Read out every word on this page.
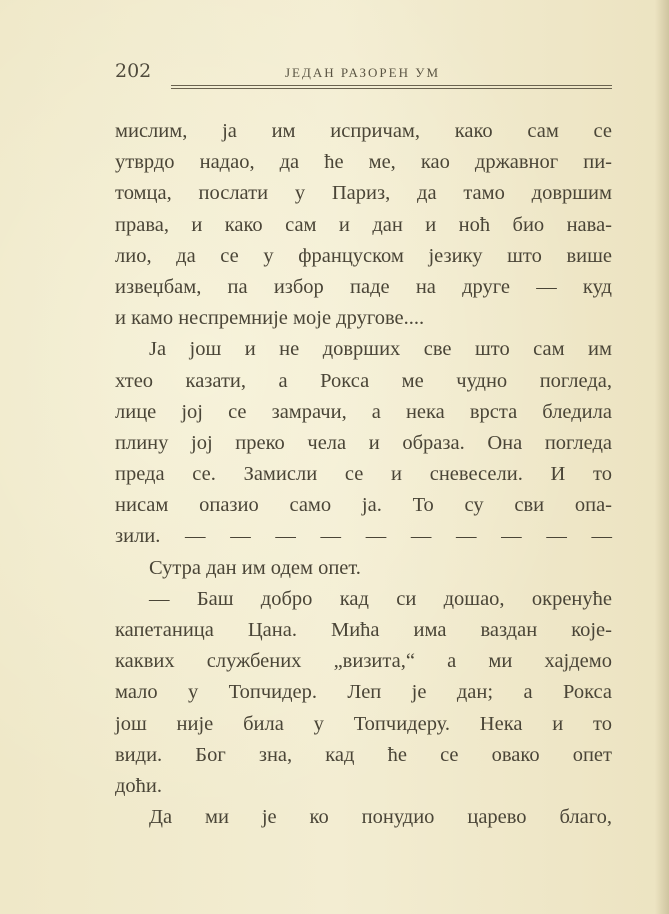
202	ЈЕДАН РАЗОРЕН УМ
мислим, ја им испричам, како сам се
утврдо надао, да ће ме, као државног пи-
томца, послати у Париз, да тамо довршим
права, и како сам и дан и ноћ био нава-
лио, да се у француском језику што више
извеџбам, па избор паде на друге — куд
и камо неспремније моје другове....
Ја још и не доврших све што сам им
хтео казати, а Рокса ме чудно погледа,
лице јој се замрачи, а нека врста бледила
плину јој преко чела и образа. Она погледа
преда се. Замисли се и сневесели. И то
нисам опазио само ја. То су сви опа-
зили. — — — — — — — — — —
Сутра дан им одем опет.
— Баш добро кад си дошао, окренуће
капетаница Цана. Мића има ваздан које-
каквих службених „визита,“ а ми хајдемо
мало у Топчидер. Леп је дан; а Рокса
још није била у Топчидеру. Нека и то
види. Бог зна, кад ће се овако опет
доћи.
Да ми је ко понудио царево благо,
